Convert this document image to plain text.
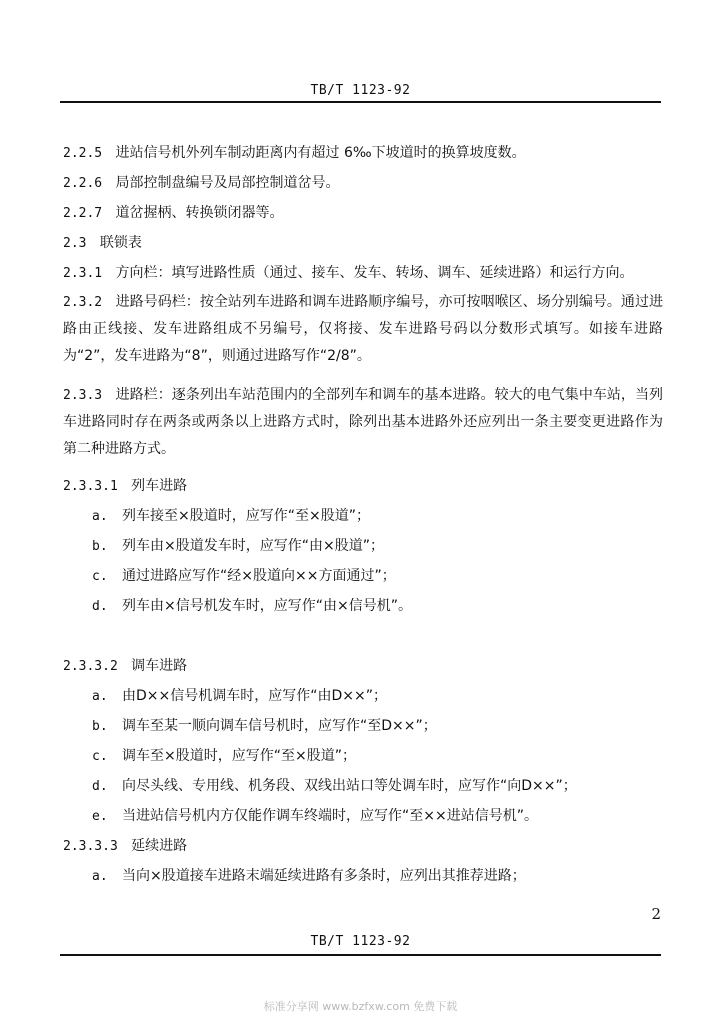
TB/T 1123-92
2.2.5 进站信号机外列车制动距离内有超过 6‰下坡道时的换算坡度数。
2.2.6 局部控制盘编号及局部控制道岔号。
2.2.7 道岔握柄、转换锁闭器等。
2.3 联锁表
2.3.1 方向栏：填写进路性质（通过、接车、发车、转场、调车、延续进路）和运行方向。
2.3.2 进路号码栏：按全站列车进路和调车进路顺序编号，亦可按咽喉区、场分别编号。通过进路由正线接、发车进路组成不另编号，仅将接、发车进路号码以分数形式填写。如接车进路为“2”，发车进路为“8”，则通过进路写作“2/8”。
2.3.3 进路栏：逐条列出车站范围内的全部列车和调车的基本进路。较大的电气集中车站，当列车进路同时存在两条或两条以上进路方式时，除列出基本进路外还应列出一条主要变更进路作为第二种进路方式。
2.3.3.1 列车进路
a. 列车接至×股道时，应写作“至×股道”；
b. 列车由×股道发车时，应写作“由×股道”；
c. 通过进路应写作“经×股道向××方面通过”；
d. 列车由×信号机发车时，应写作“由×信号机”。
2.3.3.2 调车进路
a. 由D××信号机调车时，应写作“由D××”；
b. 调车至某一顺向调车信号机时，应写作“至D××”；
c. 调车至×股道时，应写作“至×股道”；
d. 向尽头线、专用线、机务段、双线出站口等处调车时，应写作“向D××”；
e. 当进站信号机内方仅能作调车终端时，应写作“至××进站信号机”。
2.3.3.3 延续进路
a. 当向×股道接车进路末端延续进路有多条时，应列出其推荐进路；
2
TB/T 1123-92
标准分享网 www.bzfxw.com 免费下载
